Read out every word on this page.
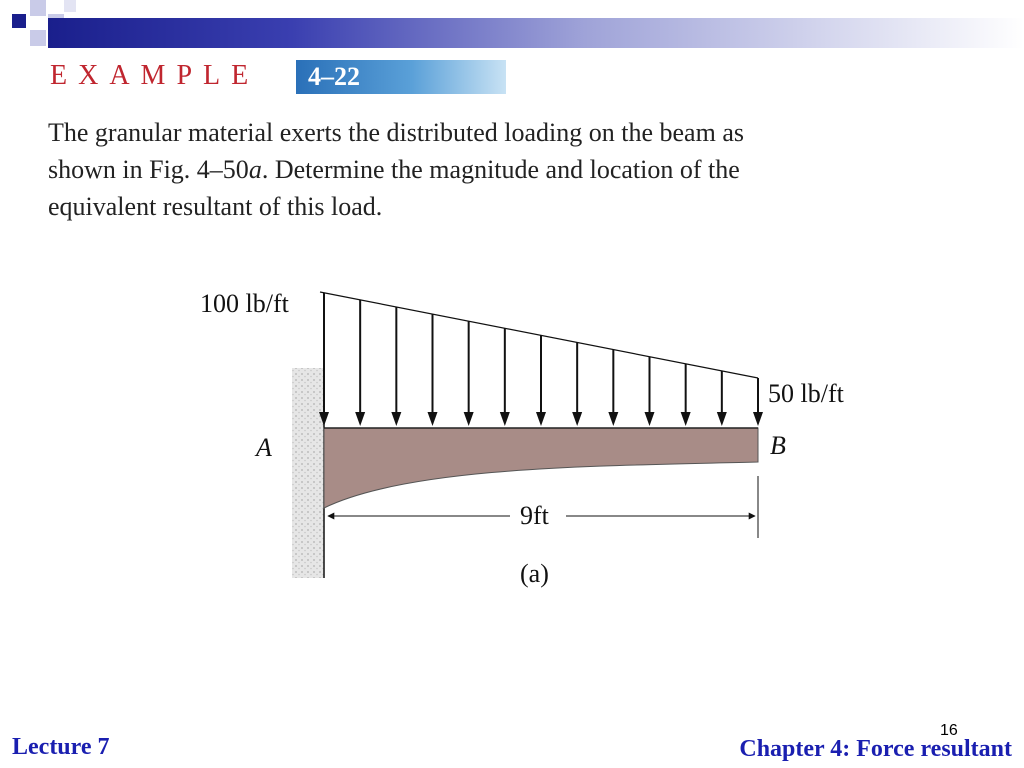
EXAMPLE	4–22

The granular material exerts the distributed loading on the beam as

shown in Fig. 4–50a. Determine the magnitude and location of the

equivalent resultant of this load.

100 lb/ft
50 lb/ft
A	B
9ft
(a)
Lecture 7
16
Chapter 4: Force resultant
